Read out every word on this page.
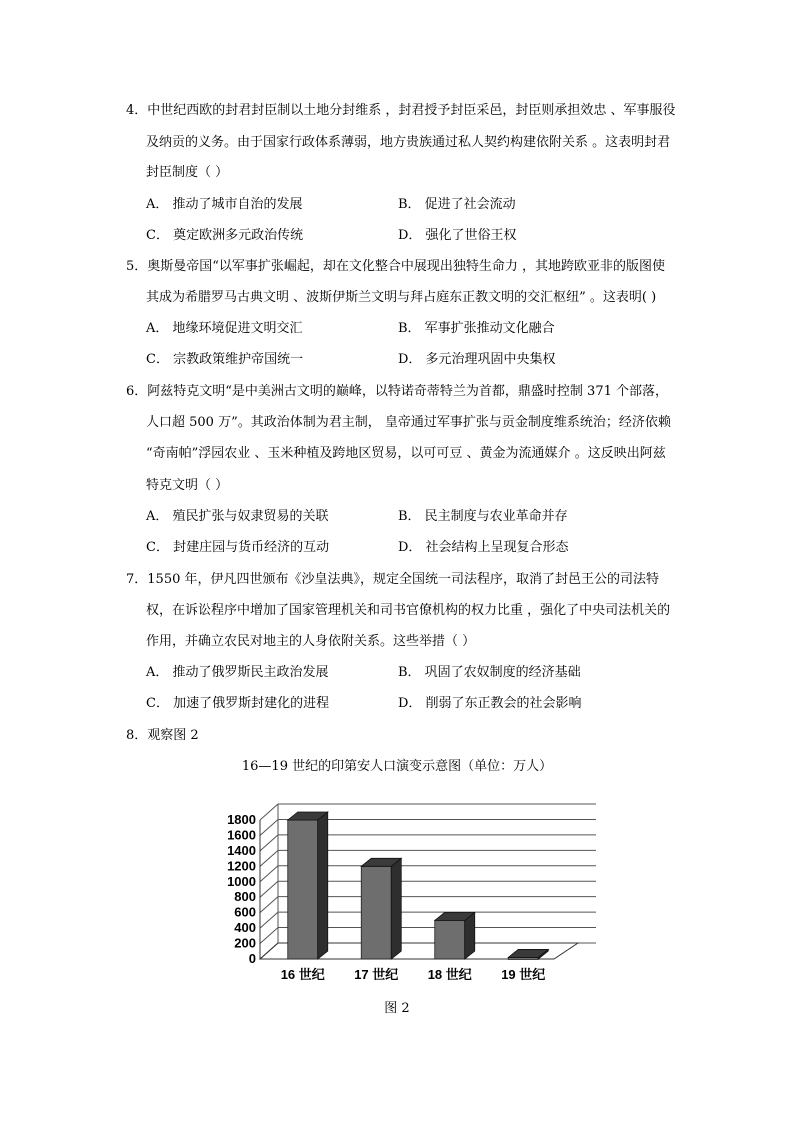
4．中世纪西欧的封君封臣制以土地分封维系 ，封君授予封臣采邑，封臣则承担效忠 、军事服役
及纳贡的义务。由于国家行政体系薄弱，地方贵族通过私人契约构建依附关系 。这表明封君
封臣制度（ ）
A． 推动了城市自治的发展	B． 促进了社会流动
C． 奠定欧洲多元政治传统	D． 强化了世俗王权
5．奥斯曼帝国“以军事扩张崛起，却在文化整合中展现出独特生命力 ，其地跨欧亚非的版图使
其成为希腊罗马古典文明 、波斯伊斯兰文明与拜占庭东正教文明的交汇枢纽” 。这表明( )
A． 地缘环境促进文明交汇	B． 军事扩张推动文化融合
C． 宗教政策维护帝国统一	D． 多元治理巩固中央集权
6．阿兹特克文明“是中美洲古文明的巅峰，以特诺奇蒂特兰为首都，鼎盛时控制 371 个部落，
人口超 500 万”。其政治体制为君主制， 皇帝通过军事扩张与贡金制度维系统治；经济依赖
“奇南帕”浮园农业 、玉米种植及跨地区贸易，以可可豆 、黄金为流通媒介 。这反映出阿兹
特克文明（ ）
A． 殖民扩张与奴隶贸易的关联	B． 民主制度与农业革命并存
C． 封建庄园与货币经济的互动	D． 社会结构上呈现复合形态
7．1550 年，伊凡四世颁布《沙皇法典》，规定全国统一司法程序，取消了封邑王公的司法特
权，在诉讼程序中增加了国家管理机关和司书官僚机构的权力比重 ，强化了中央司法机关的
作用，并确立农民对地主的人身依附关系。这些举措（ ）
A． 推动了俄罗斯民主政治发展	B． 巩固了农奴制度的经济基础
C． 加速了俄罗斯封建化的进程	D． 削弱了东正教会的社会影响
8．观察图 2
16—19 世纪的印第安人口演变示意图（单位：万人）
0
200
400
600
800
1000
1200
1400
1600
1800
16 世纪 17 世纪 18 世纪 19 世纪
图 2
